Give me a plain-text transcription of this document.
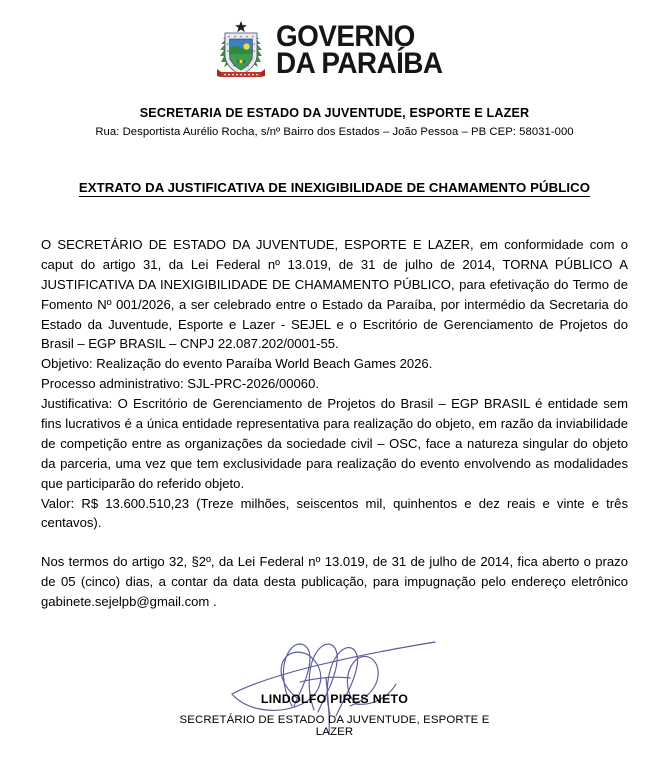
GOVERNO
DA PARAÍBA
SECRETARIA DE ESTADO DA JUVENTUDE, ESPORTE E LAZER
Rua: Desportista Aurélio Rocha, s/nº Bairro dos Estados – João Pessoa – PB CEP: 58031-000
EXTRATO DA JUSTIFICATIVA DE INEXIGIBILIDADE DE CHAMAMENTO PÚBLICO

O SECRETÁRIO DE ESTADO DA JUVENTUDE, ESPORTE E LAZER, em conformidade com o caput do artigo 31, da Lei Federal nº 13.019, de 31 de julho de 2014, TORNA PÚBLICO A JUSTIFICATIVA DA INEXIGIBILIDADE DE CHAMAMENTO PÚBLICO, para efetivação do Termo de Fomento Nº 001/2026, a ser celebrado entre o Estado da Paraíba, por intermédio da Secretaria do Estado da Juventude, Esporte e Lazer - SEJEL e o Escritório de Gerenciamento de Projetos do Brasil – EGP BRASIL – CNPJ 22.087.202/0001-55.

Objetivo: Realização do evento Paraíba World Beach Games 2026.

Processo administrativo: SJL-PRC-2026/00060.

Justificativa: O Escritório de Gerenciamento de Projetos do Brasil – EGP BRASIL é entidade sem fins lucrativos é a única entidade representativa para realização do objeto, em razão da inviabilidade de competição entre as organizações da sociedade civil – OSC, face a natureza singular do objeto da parceria, uma vez que tem exclusividade para realização do evento envolvendo as modalidades que participarão do referido objeto.

Valor: R$ 13.600.510,23 (Treze milhões, seiscentos mil, quinhentos e dez reais e vinte e três centavos).

Nos termos do artigo 32, §2º, da Lei Federal nº 13.019, de 31 de julho de 2014, fica aberto o prazo de 05 (cinco) dias, a contar da data desta publicação, para impugnação pelo endereço eletrônico gabinete.sejelpb@gmail.com .

LINDOLFO PIRES NETO
SECRETÁRIO DE ESTADO DA JUVENTUDE, ESPORTE E LAZER
